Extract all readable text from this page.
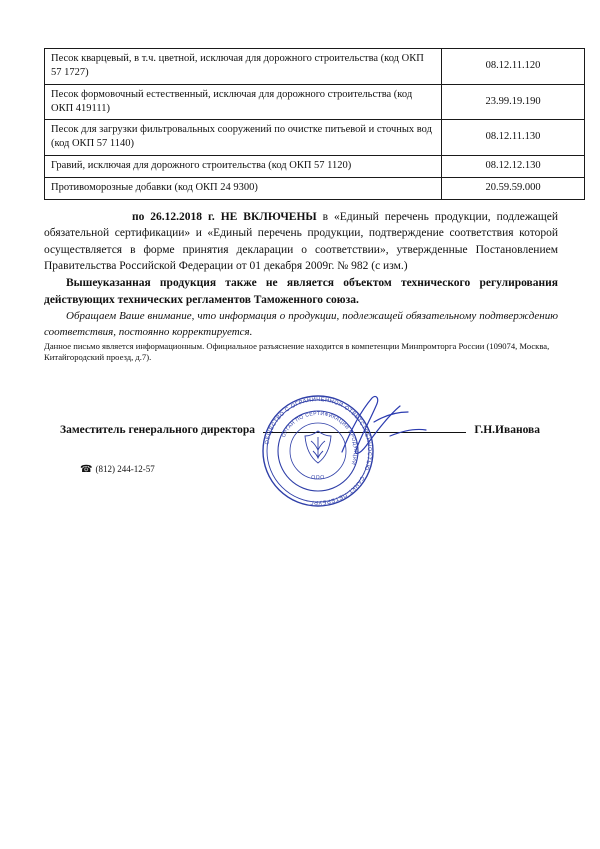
Песок кварцевый, в т.ч. цветной, исключая для дорожного строительства (код ОКП 57 1727)	08.12.11.120
Песок формовочный естественный, исключая для дорожного строительства (код ОКП 419111)	23.99.19.190
Песок для загрузки фильтровальных сооружений по очистке питьевой и сточных вод (код ОКП 57 1140)	08.12.11.130
Гравий, исключая для дорожного строительства (код ОКП 57 1120)	08.12.12.130
Противоморозные добавки (код ОКП 24 9300)	20.59.59.000

по 26.12.2018 г. НЕ ВКЛЮЧЕНЫ в «Единый перечень продукции, подлежащей обязательной сертификации» и «Единый перечень продукции, подтверждение соответствия которой осуществляется в форме принятия декларации о соответствии», утвержденные Постановлением Правительства Российской Федерации от 01 декабря 2009г. № 982 (с изм.)

Вышеуказанная продукция также не является объектом технического регулирования действующих технических регламентов Таможенного союза.

Обращаем Ваше внимание, что информация о продукции, подлежащей обязательному подтверждению соответствия, постоянно корректируется.

Данное письмо является информационным. Официальное разъяснение находится в компетенции Минпромторга России (109074, Москва, Китайгородский проезд, д.7).

Заместитель генерального директора	Г.Н.Иванова
☎ (812) 244-12-57
ОБЩЕСТВО С ОГРАНИЧЕННОЙ ОТВЕТСТВЕННОСТЬЮ · САНКТ-ПЕТЕРБУРГ ·
ОРГАН ПО СЕРТИФИКАЦИИ ПРОДУКЦИИ
ООО
